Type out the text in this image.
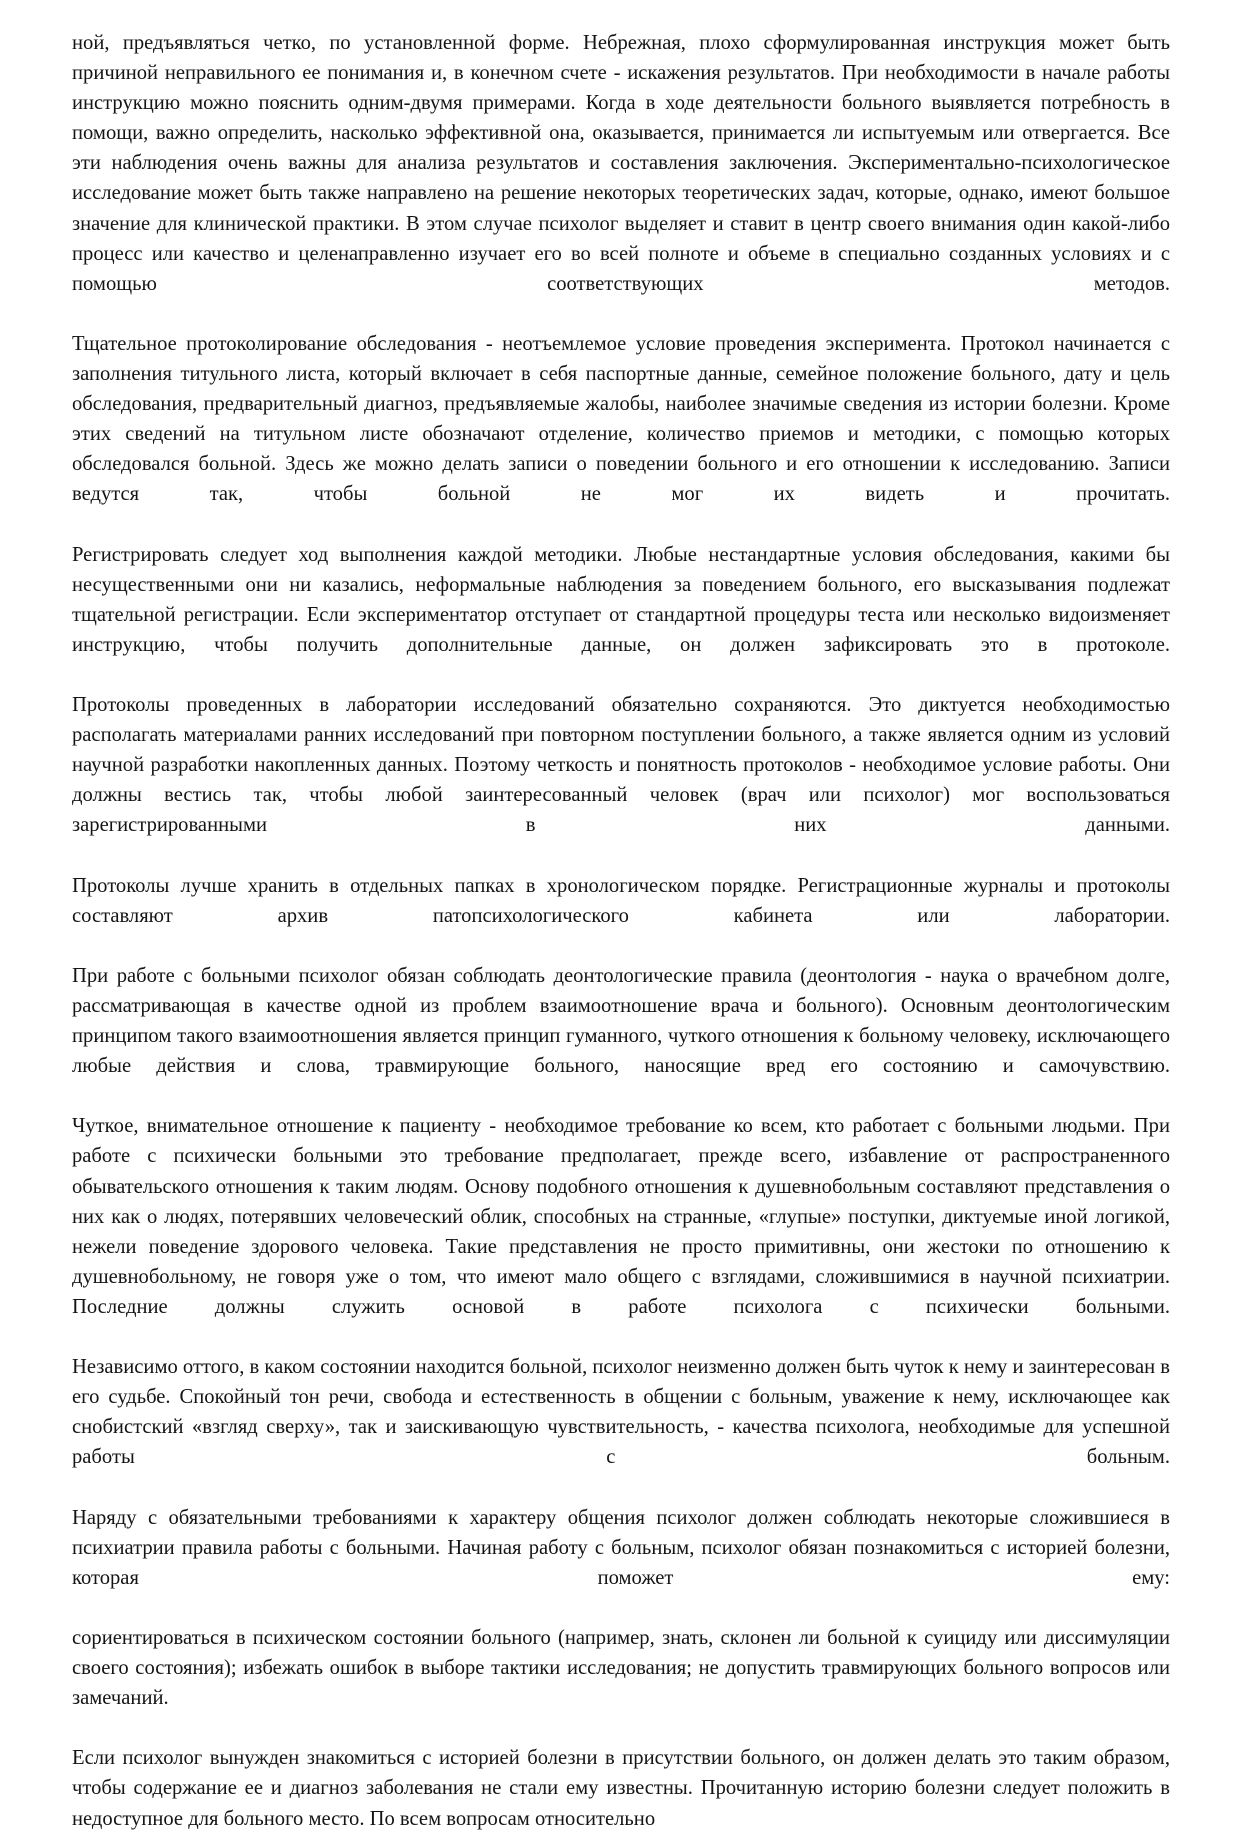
ной, предъявляться четко, по установленной форме. Небрежная, плохо сформулированная инструкция может быть причиной неправильного ее понимания и, в конечном счете - искажения результатов. При необходимости в начале работы инструкцию можно пояснить одним-двумя примерами. Когда в ходе деятельности больного выявляется потребность в помощи, важно определить, насколько эффективной она, оказывается, принимается ли испытуемым или отвергается. Все эти наблюдения очень важны для анализа результатов и составления заключения. Экспериментально-психологическое исследование может быть также направлено на решение некоторых теоретических задач, которые, однако, имеют большое значение для клинической практики. В этом случае психолог выделяет и ставит в центр своего внимания один какой-либо процесс или качество и целенаправленно изучает его во всей полноте и объеме в специально созданных условиях и с помощью соответствующих методов.

Тщательное протоколирование обследования - неотъемлемое условие проведения эксперимента. Протокол начинается с заполнения титульного листа, который включает в себя паспортные данные, семейное положение больного, дату и цель обследования, предварительный диагноз, предъявляемые жалобы, наиболее значимые сведения из истории болезни. Кроме этих сведений на титульном листе обозначают отделение, количество приемов и методики, с помощью которых обследовался больной. Здесь же можно делать записи о поведении больного и его отношении к исследованию. Записи ведутся так, чтобы больной не мог их видеть и прочитать.

Регистрировать следует ход выполнения каждой методики. Любые нестандартные условия обследования, какими бы несущественными они ни казались, неформальные наблюдения за поведением больного, его высказывания подлежат тщательной регистрации. Если экспериментатор отступает от стандартной процедуры теста или несколько видоизменяет инструкцию, чтобы получить дополнительные данные, он должен зафиксировать это в протоколе.

Протоколы проведенных в лаборатории исследований обязательно сохраняются. Это диктуется необходимостью располагать материалами ранних исследований при повторном поступлении больного, а также является одним из условий научной разработки накопленных данных. Поэтому четкость и понятность протоколов - необходимое условие работы. Они должны вестись так, чтобы любой заинтересованный человек (врач или психолог) мог воспользоваться зарегистрированными в них данными.

Протоколы лучше хранить в отдельных папках в хронологическом порядке. Регистрационные журналы и протоколы составляют архив патопсихологического кабинета или лаборатории.

При работе с больными психолог обязан соблюдать деонтологические правила (деонтология - наука о врачебном долге, рассматривающая в качестве одной из проблем взаимоотношение врача и больного). Основным деонтологическим принципом такого взаимоотношения является принцип гуманного, чуткого отношения к больному человеку, исключающего любые действия и слова, травмирующие больного, наносящие вред его состоянию и самочувствию.

Чуткое, внимательное отношение к пациенту - необходимое требование ко всем, кто работает с больными людьми. При работе с психически больными это требование предполагает, прежде всего, избавление от распространенного обывательского отношения к таким людям. Основу подобного отношения к душевнобольным составляют представления о них как о людях, потерявших человеческий облик, способных на странные, «глупые» поступки, диктуемые иной логикой, нежели поведение здорового человека. Такие представления не просто примитивны, они жестоки по отношению к душевнобольному, не говоря уже о том, что имеют мало общего с взглядами, сложившимися в научной психиатрии. Последние должны служить основой в работе психолога с психически больными.

Независимо оттого, в каком состоянии находится больной, психолог неизменно должен быть чуток к нему и заинтересован в его судьбе. Спокойный тон речи, свобода и естественность в общении с больным, уважение к нему, исключающее как снобистский «взгляд сверху», так и заискивающую чувствительность, - качества психолога, необходимые для успешной работы с больным.

Наряду с обязательными требованиями к характеру общения психолог должен соблюдать некоторые сложившиеся в психиатрии правила работы с больными. Начиная работу с больным, психолог обязан познакомиться с историей болезни, которая поможет ему:

сориентироваться в психическом состоянии больного (например, знать, склонен ли больной к суициду или диссимуляции своего состояния); избежать ошибок в выборе тактики исследования; не допустить травмирующих больного вопросов или замечаний.

Если психолог вынужден знакомиться с историей болезни в присутствии больного, он должен делать это таким образом, чтобы содержание ее и диагноз заболевания не стали ему известны. Прочитанную историю болезни следует положить в недоступное для больного место. По всем вопросам относительно
